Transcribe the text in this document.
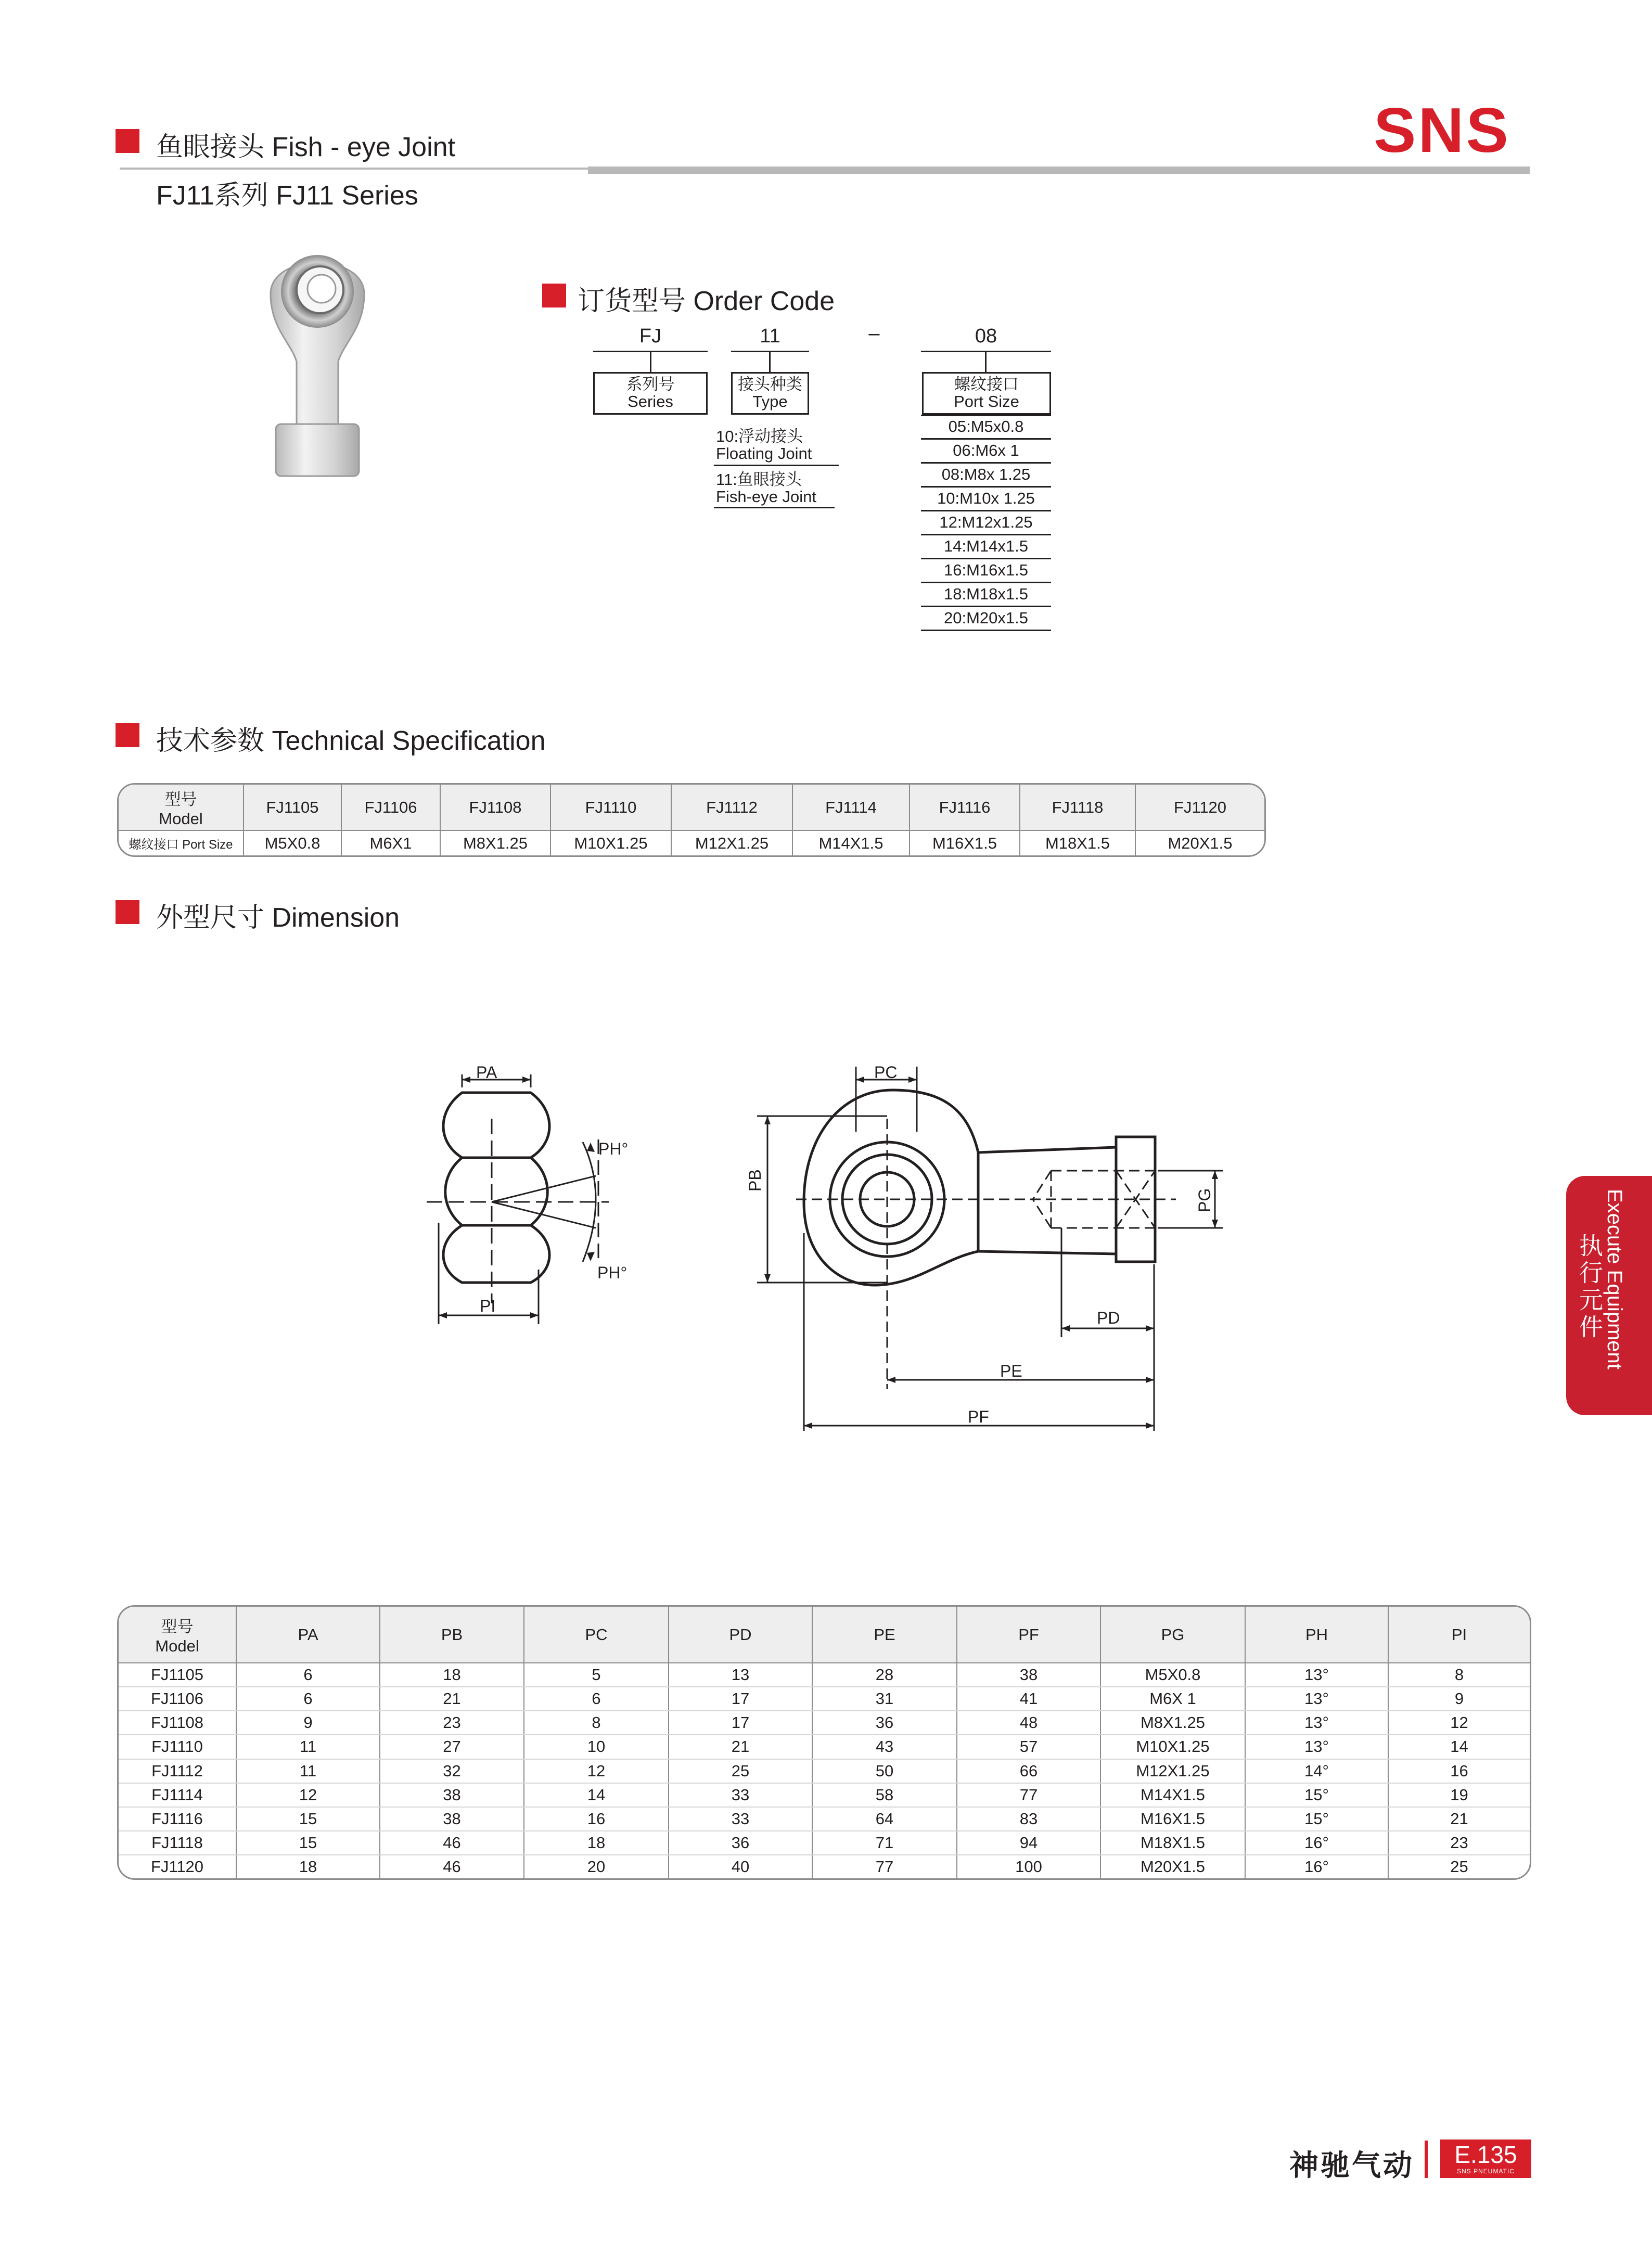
鱼眼接头 Fish - eye Joint
FJ11系列 FJ11 Series
SNS
订货型号 Order Code
FJ
系列号
Series
11
接头种类
Type
10:浮动接头
Floating Joint
11:鱼眼接头
Fish-eye Joint
–	08
螺纹接口
Port Size
05:M5x0.8
06:M6x 1
08:M8x 1.25
10:M10x 1.25
12:M12x1.25
14:M14x1.5
16:M16x1.5
18:M18x1.5
20:M20x1.5
技术参数 Technical Specification
型号
Model	FJ1105	FJ1106	FJ1108	FJ1110	FJ1112	FJ1114	FJ1116	FJ1118	FJ1120
螺纹接口 Port Size	M5X0.8	M6X1	M8X1.25	M10X1.25	M12X1.25	M14X1.5	M16X1.5	M18X1.5	M20X1.5
外型尺寸 Dimension
PA
PI
PH°
PH°
PC
PB
PG
PD
PE
PF
型号
Model	PA	PB	PC	PD	PE	PF	PG	PH	PI
FJ1105	6	18	5	13	28	38	M5X0.8	13°	8
FJ1106	6	21	6	17	31	41	M6X 1	13°	9
FJ1108	9	23	8	17	36	48	M8X1.25	13°	12
FJ1110	11	27	10	21	43	57	M10X1.25	13°	14
FJ1112	11	32	12	25	50	66	M12X1.25	14°	16
FJ1114	12	38	14	33	58	77	M14X1.5	15°	19
FJ1116	15	38	16	33	64	83	M16X1.5	15°	21
FJ1118	15	46	18	36	71	94	M18X1.5	16°	23
FJ1120	18	46	20	40	77	100	M20X1.5	16°	25
Execute Equipment
执行元件
神驰气动	E.135
SNS PNEUMATIC
